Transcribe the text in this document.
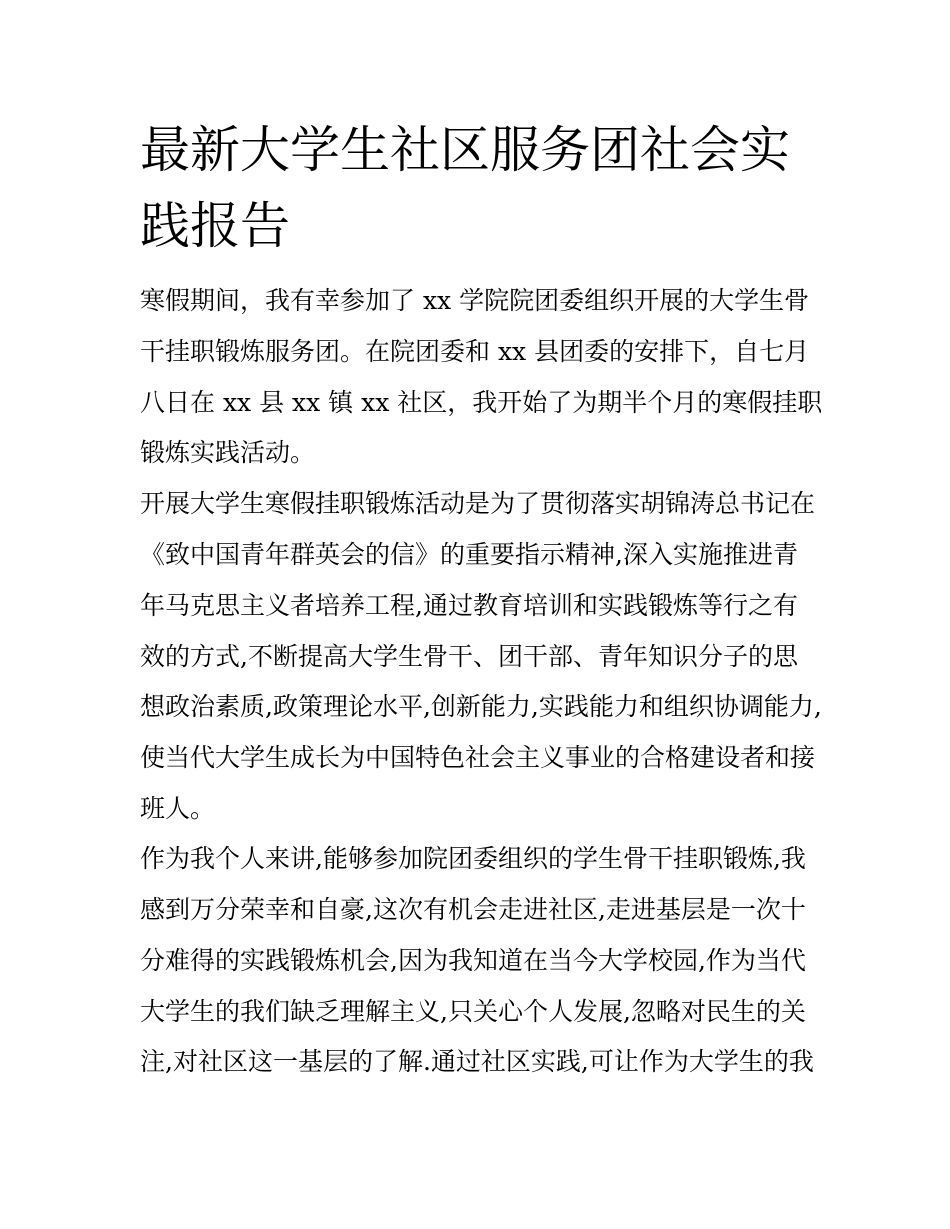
最新大学生社区服务团社会实
践报告

寒假期间，我有幸参加了 xx 学院院团委组织开展的大学生骨

干挂职锻炼服务团。在院团委和 xx 县团委的安排下，自七月

八日在 xx 县 xx 镇 xx 社区，我开始了为期半个月的寒假挂职

锻炼实践活动。

开展大学生寒假挂职锻炼活动是为了贯彻落实胡锦涛总书记在

《致中国青年群英会的信》的重要指示精神,深入实施推进青

年马克思主义者培养工程,通过教育培训和实践锻炼等行之有

效的方式,不断提高大学生骨干、团干部、青年知识分子的思

想政治素质,政策理论水平,创新能力,实践能力和组织协调能力,

使当代大学生成长为中国特色社会主义事业的合格建设者和接

班人。

作为我个人来讲,能够参加院团委组织的学生骨干挂职锻炼,我

感到万分荣幸和自豪,这次有机会走进社区,走进基层是一次十

分难得的实践锻炼机会,因为我知道在当今大学校园,作为当代

大学生的我们缺乏理解主义,只关心个人发展,忽略对民生的关

注,对社区这一基层的了解.通过社区实践,可让作为大学生的我
